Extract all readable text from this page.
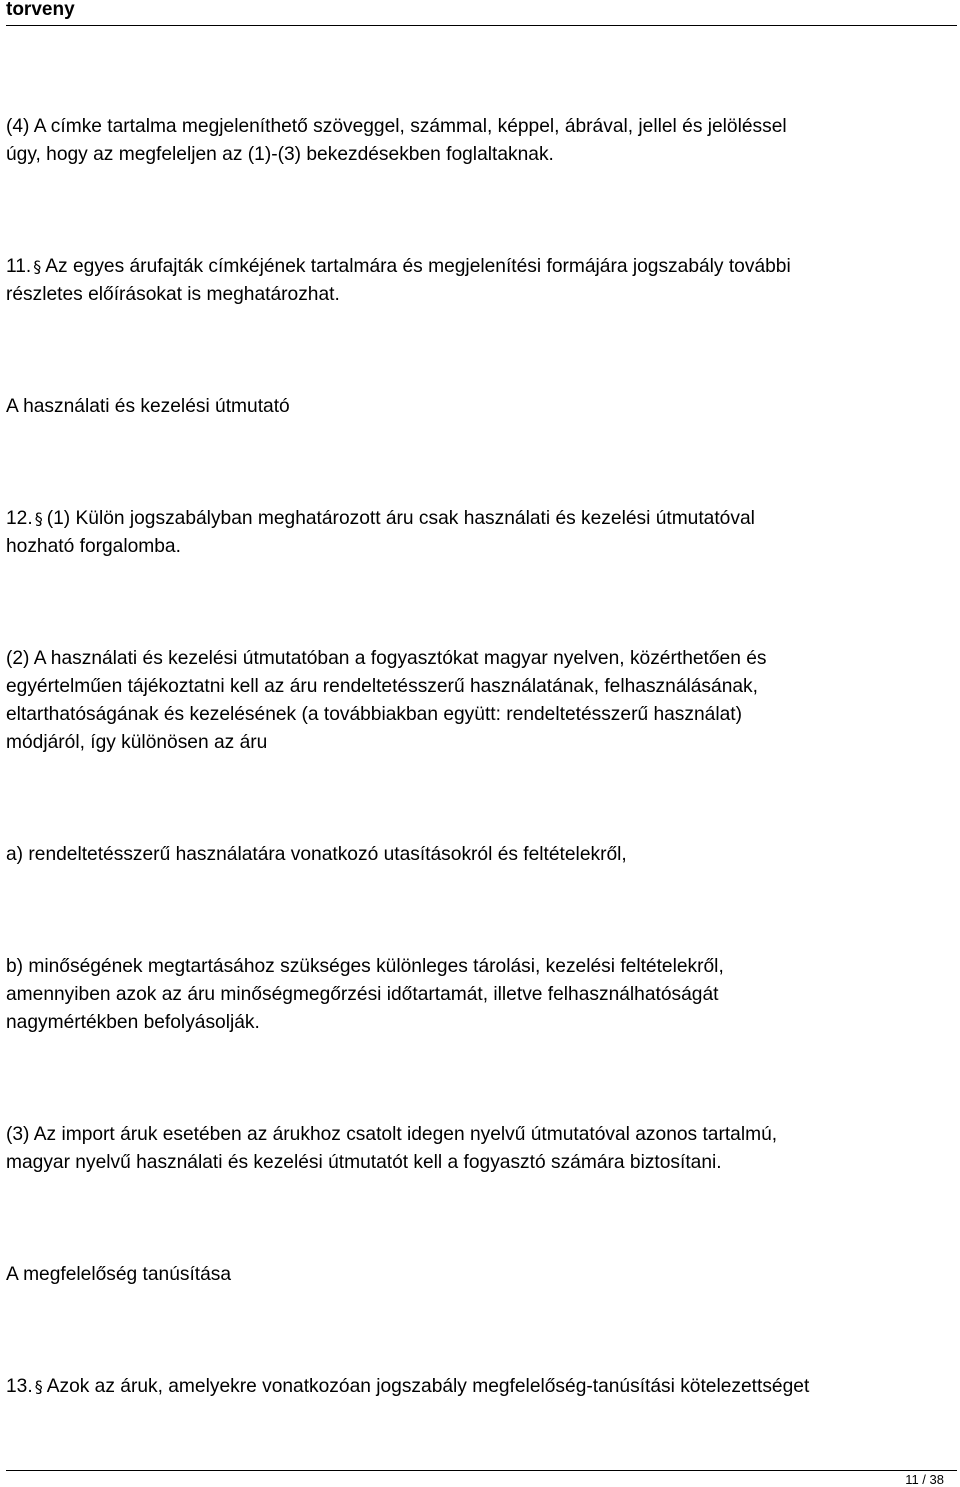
torveny

(4) A címke tartalma megjeleníthető szöveggel, számmal, képpel, ábrával, jellel és jelöléssel
úgy, hogy az megfeleljen az (1)-(3) bekezdésekben foglaltaknak.

11. § Az egyes árufajták címkéjének tartalmára és megjelenítési formájára jogszabály további
részletes előírásokat is meghatározhat.

A használati és kezelési útmutató

12. § (1) Külön jogszabályban meghatározott áru csak használati és kezelési útmutatóval
hozható forgalomba.

(2) A használati és kezelési útmutatóban a fogyasztókat magyar nyelven, közérthetően és
egyértelműen tájékoztatni kell az áru rendeltetésszerű használatának, felhasználásának,
eltarthatóságának és kezelésének (a továbbiakban együtt: rendeltetésszerű használat)
módjáról, így különösen az áru

a) rendeltetésszerű használatára vonatkozó utasításokról és feltételekről,

b) minőségének megtartásához szükséges különleges tárolási, kezelési feltételekről,
amennyiben azok az áru minőségmegőrzési időtartamát, illetve felhasználhatóságát
nagymértékben befolyásolják.

(3) Az import áruk esetében az árukhoz csatolt idegen nyelvű útmutatóval azonos tartalmú,
magyar nyelvű használati és kezelési útmutatót kell a fogyasztó számára biztosítani.

A megfelelőség tanúsítása

13. § Azok az áruk, amelyekre vonatkozóan jogszabály megfelelőség-tanúsítási kötelezettséget

11 / 38
